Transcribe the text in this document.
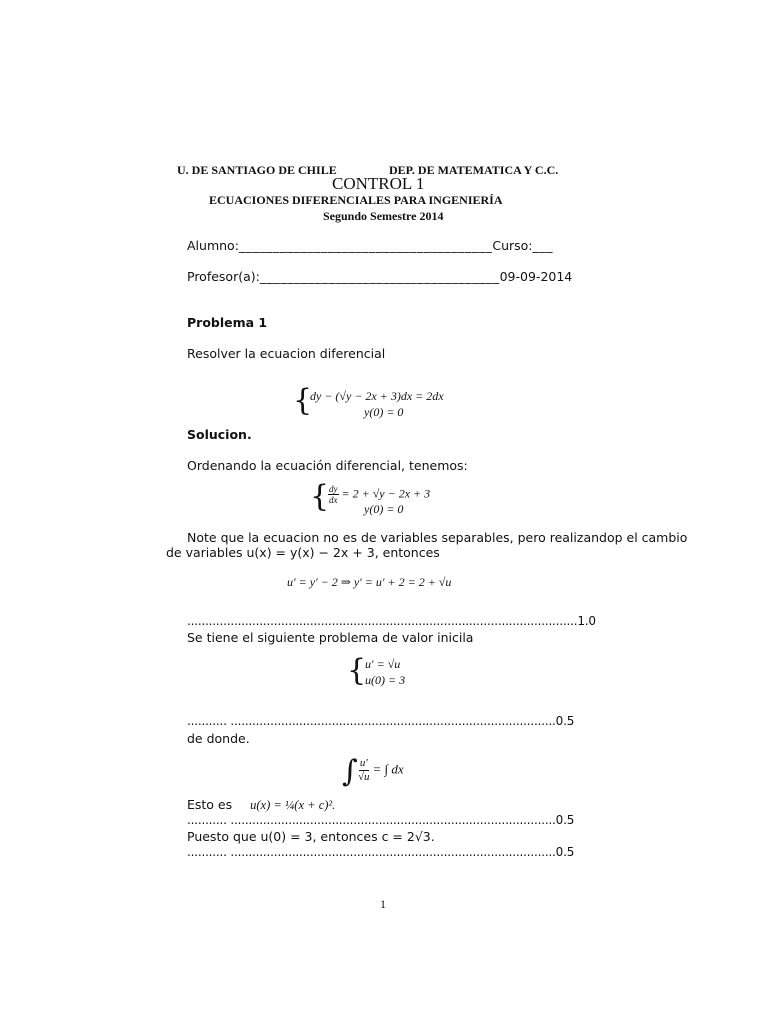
U. DE SANTIAGO DE CHILE	DEP. DE MATEMATICA Y C.C.
CONTROL 1
ECUACIONES DIFERENCIALES PARA INGENIERÍA
Segundo Semestre 2014
Alumno:_____________________________________Curso:___
Profesor(a):___________________________________09-09-2014
Problema 1
Resolver la ecuacion diferencial
{
dy − (√y − 2x + 3)dx = 2dx
y(0) = 0
Solucion.
Ordenando la ecuación diferencial, tenemos:
{
$\frac{dy}{dx} = 2 + √y - 2x + 3$
y(0) = 0
Note que la ecuacion no es de variables separables, pero realizandop el cambio
de variables u(x) = y(x) − 2x + 3, entonces
u′ = y′ − 2 ⇒ y′ = u′ + 2 = 2 + √u
............................................................................................................1.0
Se tiene el siguiente problema de valor inicila
{
u′ = √u
u(0) = 3
........... ..........................................................................................0.5
de donde.
∫ $\frac{u'}{√u}$ = ∫ dx
Esto es u(x) = ¼(x + c)².
........... ..........................................................................................0.5
Puesto que u(0) = 3, entonces c = 2√3.
........... ..........................................................................................0.5
1
